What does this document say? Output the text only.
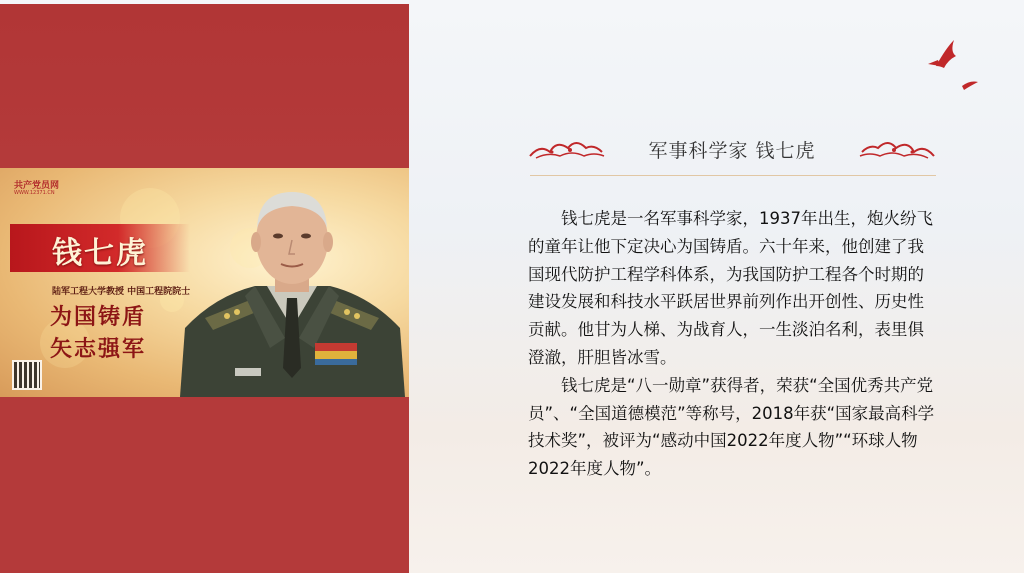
共产党员网
WWW.12371.CN
钱七虎
陆军工程大学教授 中国工程院院士
为国铸盾
矢志强军
军事科学家 钱七虎

钱七虎是一名军事科学家，1937年出生，炮火纷飞的童年让他下定决心为国铸盾。六十年来，他创建了我国现代防护工程学科体系，为我国防护工程各个时期的建设发展和科技水平跃居世界前列作出开创性、历史性贡献。他甘为人梯、为战育人，一生淡泊名利，表里俱澄澈，肝胆皆冰雪。

钱七虎是“八一勋章”获得者，荣获“全国优秀共产党员”、“全国道德模范”等称号，2018年获“国家最高科学技术奖”，被评为“感动中国2022年度人物”“环球人物2022年度人物”。
